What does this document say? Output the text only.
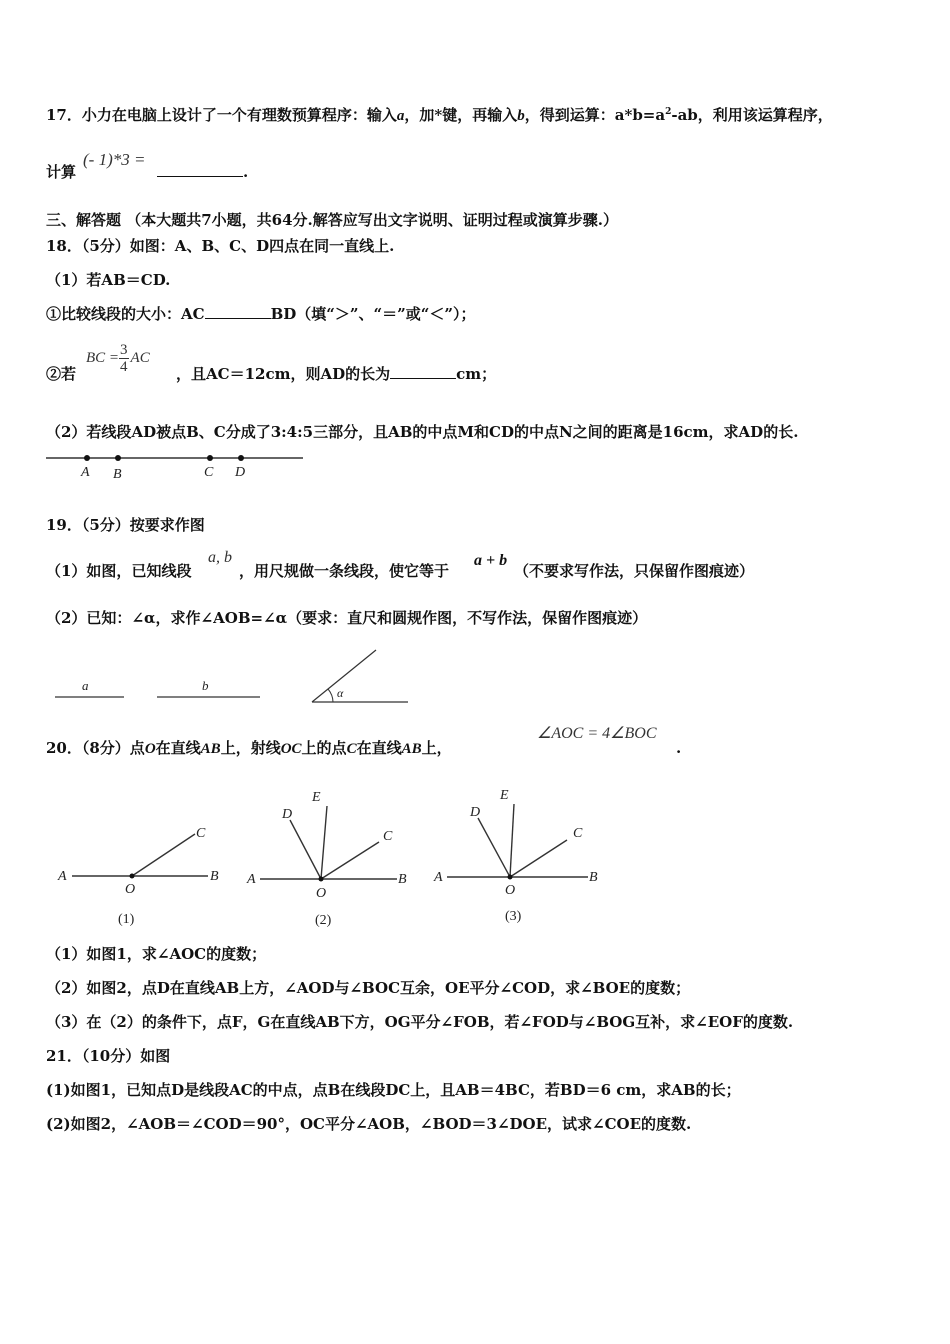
17．小力在电脑上设计了一个有理数预算程序：输入a，加*键，再输入b，得到运算：$a*b=a^2-ab$，利用该运算程序，
计算
(- 1)*3 =
.
三、解答题 （本大题共7小题，共64分.解答应写出文字说明、证明过程或演算步骤.）
18．（5分）如图：A、B、C、D四点在同一直线上.
（1）若AB＝CD.
①比较线段的大小：AC	BD（填“＞”、“＝”或“＜”）；
②若
BC = $\frac{3}{4}$ AC
，且AC＝12cm，则AD的长为	cm；
（2）若线段AD被点B、C分成了3:4:5三部分，且AB的中点M和CD的中点N之间的距离是16cm，求AD的长.
A B	C D
19．（5分）按要求作图
（1）如图，已知线段
a, b
，用尺规做一条线段，使它等于
a + b
（不要求写作法，只保留作图痕迹）
（2）已知：∠α，求作∠AOB=∠α（要求：直尺和圆规作图，不写作法，保留作图痕迹）
a	b	α
20．（8分）点O在直线AB上，射线OC上的点C在直线AB上，
∠AOC = 4∠BOC
.
A	B
C
O
(1)
A	B
C
D
E
O
(2)
A	B
C
D
E
O
(3)
（1）如图1，求∠AOC的度数；
（2）如图2，点D在直线AB上方，∠AOD与∠BOC互余，OE平分∠COD，求∠BOE的度数；
（3）在（2）的条件下，点F，G在直线AB下方，OG平分∠FOB，若∠FOD与∠BOG互补，求∠EOF的度数.
21．（10分）如图
(1)如图1，已知点D是线段AC的中点，点B在线段DC上，且AB＝4BC，若BD＝6 cm，求AB的长；
(2)如图2，∠AOB＝∠COD＝90°，OC平分∠AOB，∠BOD＝3∠DOE，试求∠COE的度数.
